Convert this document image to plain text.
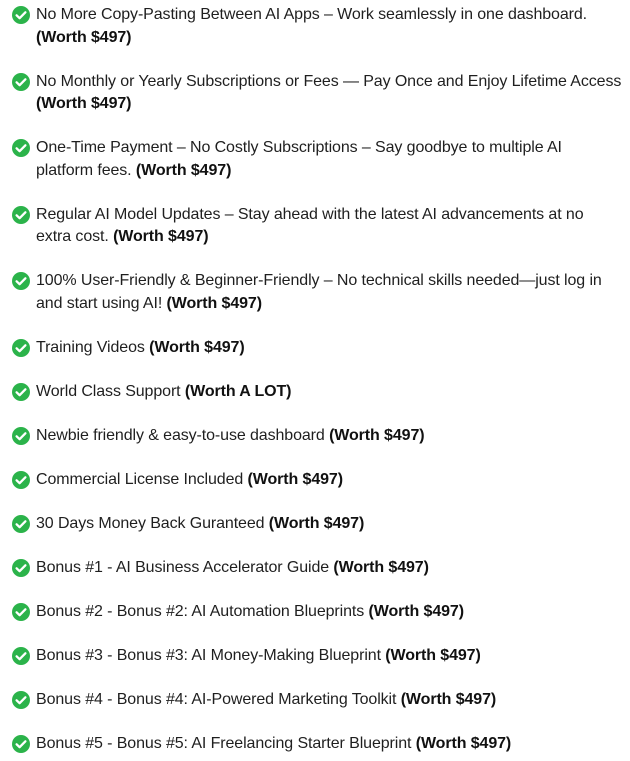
No More Copy-Pasting Between AI Apps – Work seamlessly in one dashboard. (Worth $497)
No Monthly or Yearly Subscriptions or Fees — Pay Once and Enjoy Lifetime Access (Worth $497)
One-Time Payment – No Costly Subscriptions – Say goodbye to multiple AI platform fees. (Worth $497)
Regular AI Model Updates – Stay ahead with the latest AI advancements at no extra cost. (Worth $497)
100% User-Friendly & Beginner-Friendly – No technical skills needed—just log in and start using AI! (Worth $497)
Training Videos (Worth $497)
World Class Support (Worth A LOT)
Newbie friendly & easy-to-use dashboard (Worth $497)
Commercial License Included (Worth $497)
30 Days Money Back Guranteed (Worth $497)
Bonus #1 - AI Business Accelerator Guide (Worth $497)
Bonus #2 - Bonus #2: AI Automation Blueprints (Worth $497)
Bonus #3 - Bonus #3: AI Money-Making Blueprint (Worth $497)
Bonus #4 - Bonus #4: AI-Powered Marketing Toolkit (Worth $497)
Bonus #5 - Bonus #5: AI Freelancing Starter Blueprint (Worth $497)
